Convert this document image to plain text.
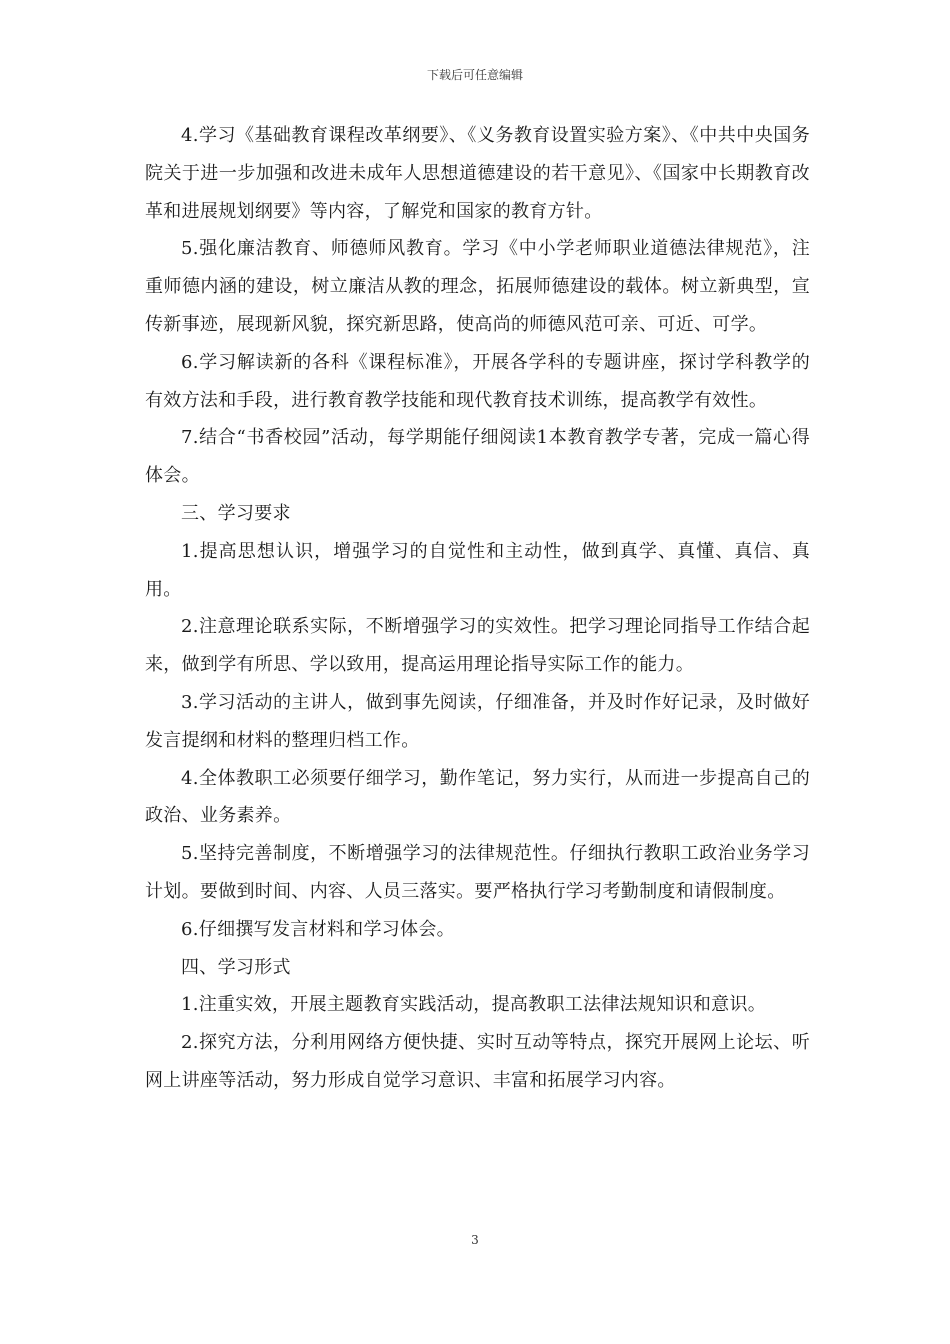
下载后可任意编辑

4.学习《基础教育课程改革纲要》、《义务教育设置实验方案》、《中共中央国务院关于进一步加强和改进未成年人思想道德建设的若干意见》、《国家中长期教育改革和进展规划纲要》等内容，了解党和国家的教育方针。

5.强化廉洁教育、师德师风教育。学习《中小学老师职业道德法律规范》，注重师德内涵的建设，树立廉洁从教的理念，拓展师德建设的载体。树立新典型，宣传新事迹，展现新风貌，探究新思路，使高尚的师德风范可亲、可近、可学。

6.学习解读新的各科《课程标准》，开展各学科的专题讲座，探讨学科教学的有效方法和手段，进行教育教学技能和现代教育技术训练，提高教学有效性。

7.结合“书香校园”活动，每学期能仔细阅读1本教育教学专著，完成一篇心得体会。

三、学习要求

1.提高思想认识，增强学习的自觉性和主动性，做到真学、真懂、真信、真用。

2.注意理论联系实际，不断增强学习的实效性。把学习理论同指导工作结合起来，做到学有所思、学以致用，提高运用理论指导实际工作的能力。

3.学习活动的主讲人，做到事先阅读，仔细准备，并及时作好记录，及时做好发言提纲和材料的整理归档工作。

4.全体教职工必须要仔细学习，勤作笔记，努力实行，从而进一步提高自己的政治、业务素养。

5.坚持完善制度，不断增强学习的法律规范性。仔细执行教职工政治业务学习计划。要做到时间、内容、人员三落实。要严格执行学习考勤制度和请假制度。

6.仔细撰写发言材料和学习体会。

四、学习形式

1.注重实效，开展主题教育实践活动，提高教职工法律法规知识和意识。

2.探究方法，分利用网络方便快捷、实时互动等特点，探究开展网上论坛、听网上讲座等活动，努力形成自觉学习意识、丰富和拓展学习内容。

3
